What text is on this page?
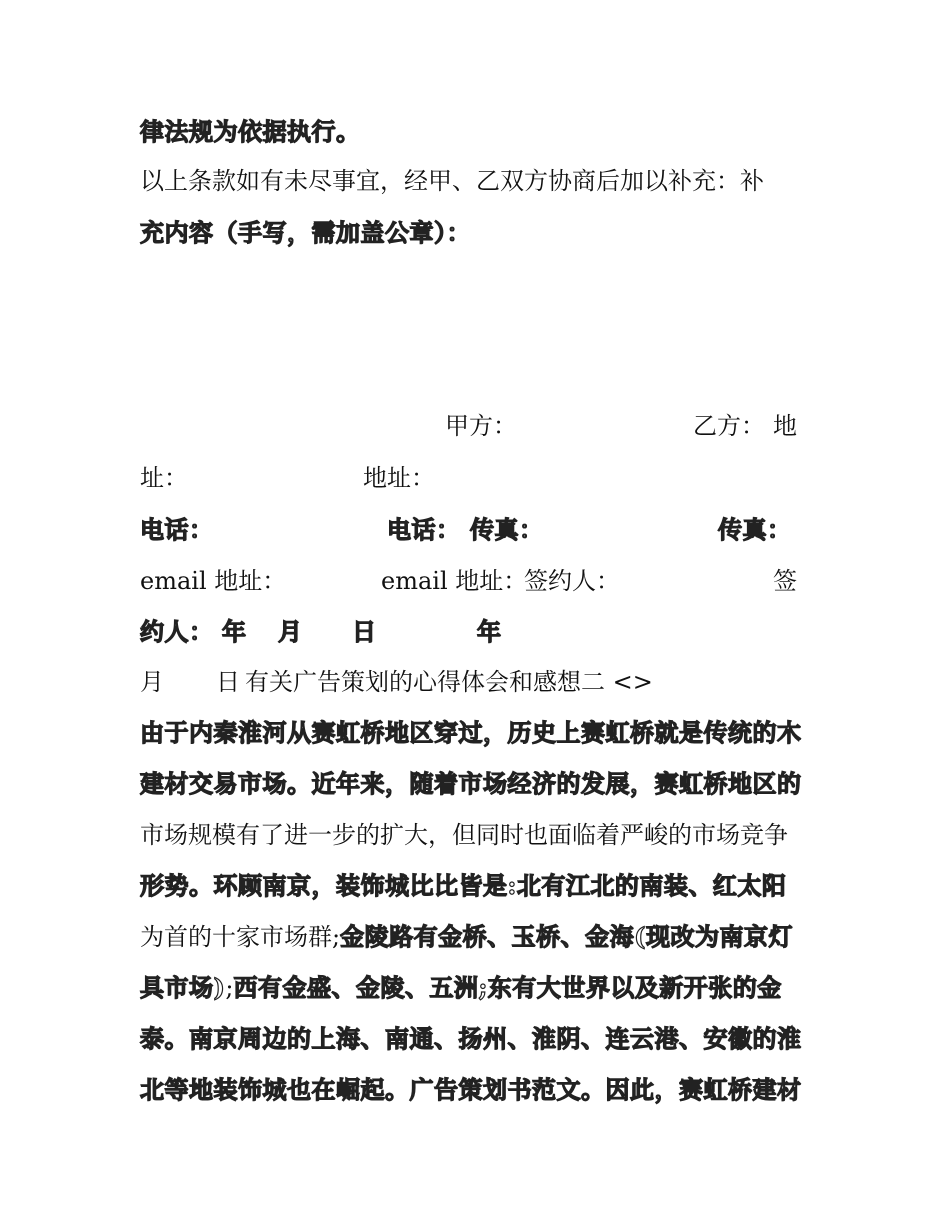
律法规为依据执行。
以上条款如有未尽事宜，经甲、乙双方协商后加以补充：补
充内容（手写，需加盖公章）：
甲方：	乙方： 地
址：	地址：
电话：	电话： 传真：	传真：
email 地址：	email 地址：
签约人：	签
约人： 年 月 日	年
月 日 有关广告策划的心得体会和感想二 <>
由于内秦淮河从赛虹桥地区穿过，历史上赛虹桥就是传统的木
建材交易市场。近年来，随着市场经济的发展，赛虹桥地区的
市场规模有了进一步的扩大，但同时也面临着严峻的市场竞争
形势。环顾南京，装饰城比比皆是:北有江北的南装、红太阳
为首的十家市场群;金陵路有金桥、玉桥、金海(现改为南京灯
具市场);西有金盛、金陵、五洲;东有大世界以及新开张的金
泰。南京周边的上海、南通、扬州、淮阴、连云港、安徽的淮
北等地装饰城也在崛起。广告策划书范文。因此，赛虹桥建材
